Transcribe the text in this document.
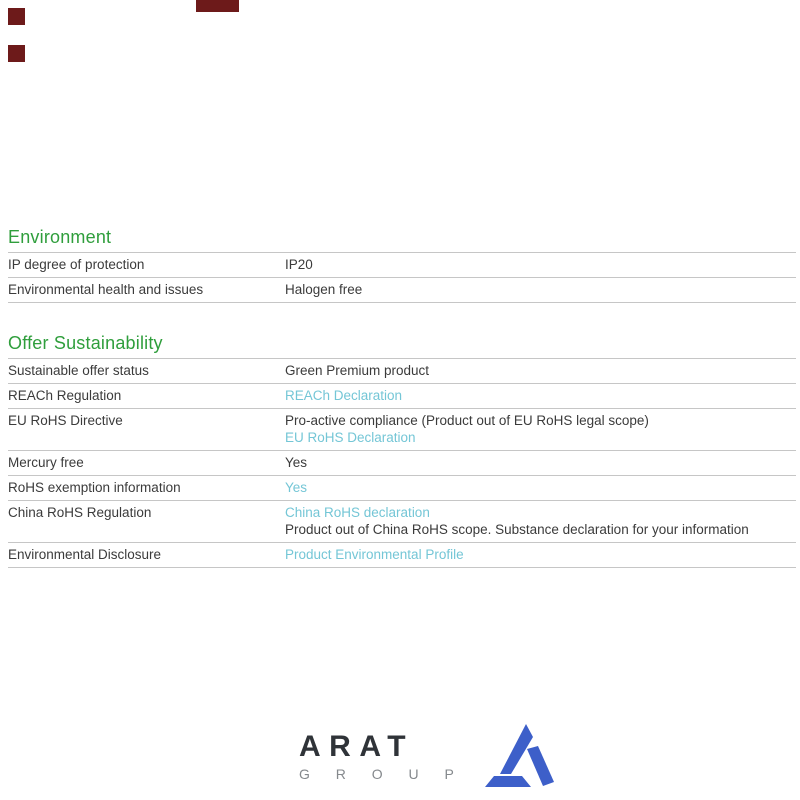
Environment
IP degree of protection	IP20
Environmental health and issues	Halogen free
Offer Sustainability
Sustainable offer status	Green Premium product
REACh Regulation	REACh Declaration
EU RoHS Directive	Pro-active compliance (Product out of EU RoHS legal scope)
EU RoHS Declaration
Mercury free	Yes
RoHS exemption information	Yes
China RoHS Regulation	China RoHS declaration
Product out of China RoHS scope. Substance declaration for your information
Environmental Disclosure	Product Environmental Profile
ARAT
G R O U P
